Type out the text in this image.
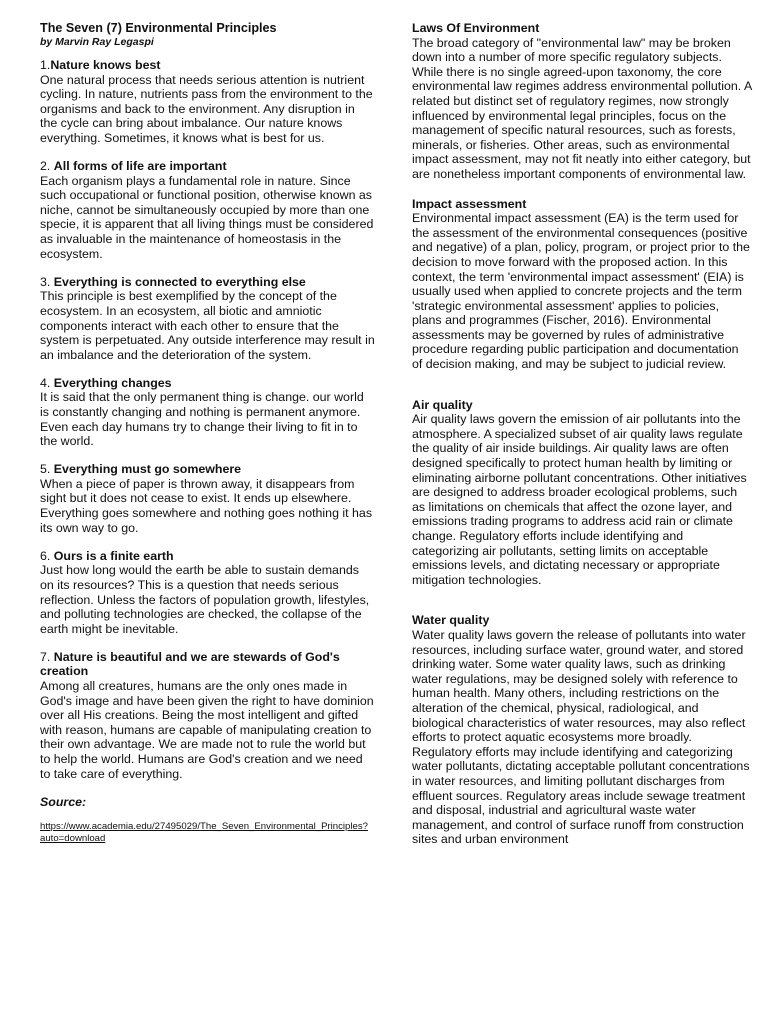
The Seven (7) Environmental Principles

by Marvin Ray Legaspi

1.Nature knows best

One natural process that needs serious attention is nutrient cycling. In nature, nutrients pass from the environment to the organisms and back to the environment. Any disruption in the cycle can bring about imbalance. Our nature knows everything. Sometimes, it knows what is best for us.

2. All forms of life are important

Each organism plays a fundamental role in nature. Since such occupational or functional position, otherwise known as niche, cannot be simultaneously occupied by more than one specie, it is apparent that all living things must be considered as invaluable in the maintenance of homeostasis in the ecosystem.

3. Everything is connected to everything else

This principle is best exemplified by the concept of the ecosystem. In an ecosystem, all biotic and amniotic components interact with each other to ensure that the system is perpetuated. Any outside interference may result in an imbalance and the deterioration of the system.

4. Everything changes

It is said that the only permanent thing is change. our world is constantly changing and nothing is permanent anymore. Even each day humans try to change their living to fit in to the world.

5. Everything must go somewhere

When a piece of paper is thrown away, it disappears from sight but it does not cease to exist. It ends up elsewhere. Everything goes somewhere and nothing goes nothing it has its own way to go.

6. Ours is a finite earth

Just how long would the earth be able to sustain demands on its resources? This is a question that needs serious reflection. Unless the factors of population growth, lifestyles, and polluting technologies are checked, the collapse of the earth might be inevitable.

7. Nature is beautiful and we are stewards of God's creation

Among all creatures, humans are the only ones made in God's image and have been given the right to have dominion over all His creations. Being the most intelligent and gifted with reason, humans are capable of manipulating creation to their own advantage. We are made not to rule the world but to help the world. Humans are God's creation and we need to take care of everything.

Source:

https://www.academia.edu/27495029/The_Seven_Environmental_Principles?auto=download
Laws Of Environment

The broad category of "environmental law" may be broken down into a number of more specific regulatory subjects. While there is no single agreed-upon taxonomy, the core environmental law regimes address environmental pollution. A related but distinct set of regulatory regimes, now strongly influenced by environmental legal principles, focus on the management of specific natural resources, such as forests, minerals, or fisheries. Other areas, such as environmental impact assessment, may not fit neatly into either category, but are nonetheless important components of environmental law.

Impact assessment

Environmental impact assessment (EA) is the term used for the assessment of the environmental consequences (positive and negative) of a plan, policy, program, or project prior to the decision to move forward with the proposed action. In this context, the term 'environmental impact assessment' (EIA) is usually used when applied to concrete projects and the term 'strategic environmental assessment' applies to policies, plans and programmes (Fischer, 2016). Environmental assessments may be governed by rules of administrative procedure regarding public participation and documentation of decision making, and may be subject to judicial review.

Air quality

Air quality laws govern the emission of air pollutants into the atmosphere. A specialized subset of air quality laws regulate the quality of air inside buildings. Air quality laws are often designed specifically to protect human health by limiting or eliminating airborne pollutant concentrations. Other initiatives are designed to address broader ecological problems, such as limitations on chemicals that affect the ozone layer, and emissions trading programs to address acid rain or climate change. Regulatory efforts include identifying and categorizing air pollutants, setting limits on acceptable emissions levels, and dictating necessary or appropriate mitigation technologies.

Water quality

Water quality laws govern the release of pollutants into water resources, including surface water, ground water, and stored drinking water. Some water quality laws, such as drinking water regulations, may be designed solely with reference to human health. Many others, including restrictions on the alteration of the chemical, physical, radiological, and biological characteristics of water resources, may also reflect efforts to protect aquatic ecosystems more broadly. Regulatory efforts may include identifying and categorizing water pollutants, dictating acceptable pollutant concentrations in water resources, and limiting pollutant discharges from effluent sources. Regulatory areas include sewage treatment and disposal, industrial and agricultural waste water management, and control of surface runoff from construction sites and urban environment
